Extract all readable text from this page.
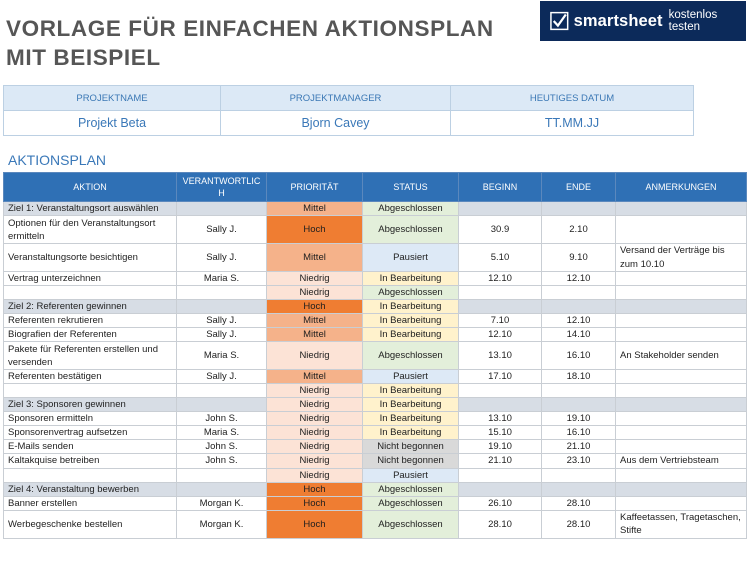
VORLAGE FÜR EINFACHEN AKTIONSPLAN
MIT BEISPIEL
smartsheet kostenlos testen
PROJEKTNAME	PROJEKTMANAGER	HEUTIGES DATUM
Projekt Beta	Bjorn Cavey	TT.MM.JJ
AKTIONSPLAN
AKTION	VERANTWORTLICH	PRIORITÄT	STATUS	BEGINN	ENDE	ANMERKUNGEN
Ziel 1: Veranstaltungsort auswählen		Mittel	Abgeschlossen			
Optionen für den Veranstaltungsort ermitteln	Sally J.	Hoch	Abgeschlossen	30.9	2.10	
Veranstaltungsorte besichtigen	Sally J.	Mittel	Pausiert	5.10	9.10	Versand der Verträge bis zum 10.10
Vertrag unterzeichnen	Maria S.	Niedrig	In Bearbeitung	12.10	12.10	
		Niedrig	Abgeschlossen			
Ziel 2: Referenten gewinnen		Hoch	In Bearbeitung			
Referenten rekrutieren	Sally J.	Mittel	In Bearbeitung	7.10	12.10	
Biografien der Referenten	Sally J.	Mittel	In Bearbeitung	12.10	14.10	
Pakete für Referenten erstellen und versenden	Maria S.	Niedrig	Abgeschlossen	13.10	16.10	An Stakeholder senden
Referenten bestätigen	Sally J.	Mittel	Pausiert	17.10	18.10	
		Niedrig	In Bearbeitung			
Ziel 3: Sponsoren gewinnen		Niedrig	In Bearbeitung			
Sponsoren ermitteln	John S.	Niedrig	In Bearbeitung	13.10	19.10	
Sponsorenvertrag aufsetzen	Maria S.	Niedrig	In Bearbeitung	15.10	16.10	
E-Mails senden	John S.	Niedrig	Nicht begonnen	19.10	21.10	
Kaltakquise betreiben	John S.	Niedrig	Nicht begonnen	21.10	23.10	Aus dem Vertriebsteam
		Niedrig	Pausiert			
Ziel 4: Veranstaltung bewerben		Hoch	Abgeschlossen			
Banner erstellen	Morgan K.	Hoch	Abgeschlossen	26.10	28.10	
Werbegeschenke bestellen	Morgan K.	Hoch	Abgeschlossen	28.10	28.10	Kaffeetassen, Tragetaschen, Stifte
